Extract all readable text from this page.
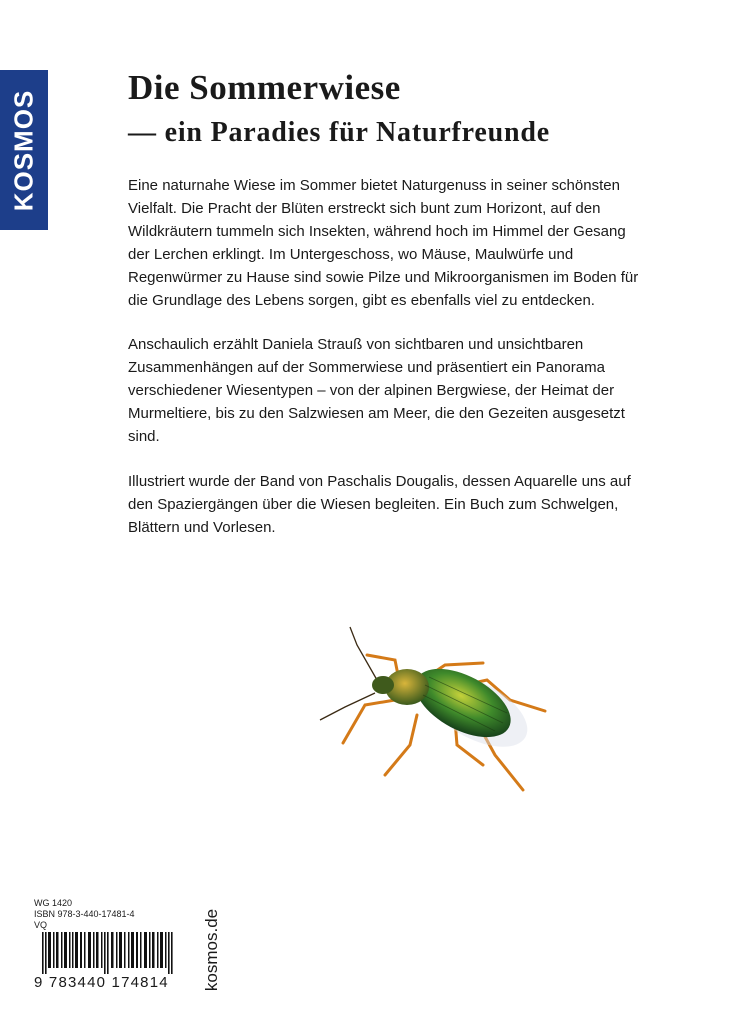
KOSMOS
Die Sommerwiese
— ein Paradies für Naturfreunde

Eine naturnahe Wiese im Sommer bietet Naturgenuss in seiner schönsten Vielfalt. Die Pracht der Blüten erstreckt sich bunt zum Horizont, auf den Wildkräutern tummeln sich Insekten, während hoch im Himmel der Gesang der Lerchen erklingt. Im Untergeschoss, wo Mäuse, Maulwürfe und Regenwürmer zu Hause sind sowie Pilze und Mikroorganismen im Boden für die Grundlage des Lebens sorgen, gibt es ebenfalls viel zu entdecken.

Anschaulich erzählt Daniela Strauß von sichtbaren und unsichtbaren Zusammenhängen auf der Sommerwiese und präsentiert ein Panorama verschiedener Wiesentypen – von der alpinen Bergwiese, der Heimat der Murmeltiere, bis zu den Salzwiesen am Meer, die den Gezeiten ausgesetzt sind.

Illustriert wurde der Band von Paschalis Dougalis, dessen Aquarelle uns auf den Spaziergängen über die Wiesen begleiten. Ein Buch zum Schwelgen, Blättern und Vorlesen.

WG 1420
ISBN 978-3-440-17481-4
VQ
9 783440 174814 kosmos.de
